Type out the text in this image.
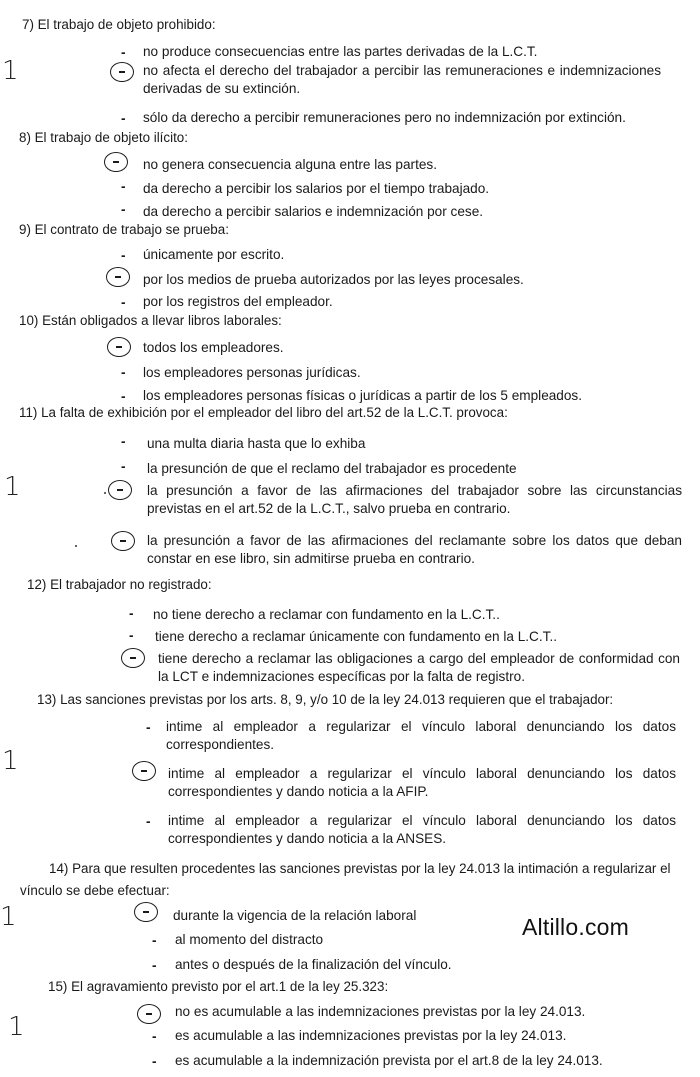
7) El trabajo de objeto prohibido:
- no produce consecuencias entre las partes derivadas de la L.C.T.
no afecta el derecho del trabajador a percibir las remuneraciones e indemnizaciones derivadas de su extinción.
- sólo da derecho a percibir remuneraciones pero no indemnización por extinción.
8) El trabajo de objeto ilícito:
no genera consecuencia alguna entre las partes.
- da derecho a percibir los salarios por el tiempo trabajado.
- da derecho a percibir salarios e indemnización por cese.
9) El contrato de trabajo se prueba:
- únicamente por escrito.
por los medios de prueba autorizados por las leyes procesales.
- por los registros del empleador.
10) Están obligados a llevar libros laborales:
todos los empleadores.
- los empleadores personas jurídicas.
- los empleadores personas físicas o jurídicas a partir de los 5 empleados.
11) La falta de exhibición por el empleador del libro del art.52 de la L.C.T. provoca:
- una multa diaria hasta que lo exhiba
- la presunción de que el reclamo del trabajador es procedente
la presunción a favor de las afirmaciones del trabajador sobre las circunstancias previstas en el art.52 de la L.C.T., salvo prueba en contrario.
la presunción a favor de las afirmaciones del reclamante sobre los datos que deban constar en ese libro, sin admitirse prueba en contrario.
12) El trabajador no registrado:
- no tiene derecho a reclamar con fundamento en la L.C.T..
- tiene derecho a reclamar únicamente con fundamento en la L.C.T..
tiene derecho a reclamar las obligaciones a cargo del empleador de conformidad con la LCT e indemnizaciones específicas por la falta de registro.
13) Las sanciones previstas por los arts. 8, 9, y/o 10 de la ley 24.013 requieren que el trabajador:
- intime al empleador a regularizar el vínculo laboral denunciando los datos correspondientes.
intime al empleador a regularizar el vínculo laboral denunciando los datos correspondientes y dando noticia a la AFIP.
- intime al empleador a regularizar el vínculo laboral denunciando los datos correspondientes y dando noticia a la ANSES.
14) Para que resulten procedentes las sanciones previstas por la ley 24.013 la intimación a regularizar el vínculo se debe efectuar:
durante la vigencia de la relación laboral
- al momento del distracto
- antes o después de la finalización del vínculo.
15) El agravamiento previsto por el art.1 de la ley 25.323:
no es acumulable a las indemnizaciones previstas por la ley 24.013.
- es acumulable a las indemnizaciones previstas por la ley 24.013.
- es acumulable a la indemnización prevista por el art.8 de la ley 24.013.
1
1
1
1
1
Altillo.com
